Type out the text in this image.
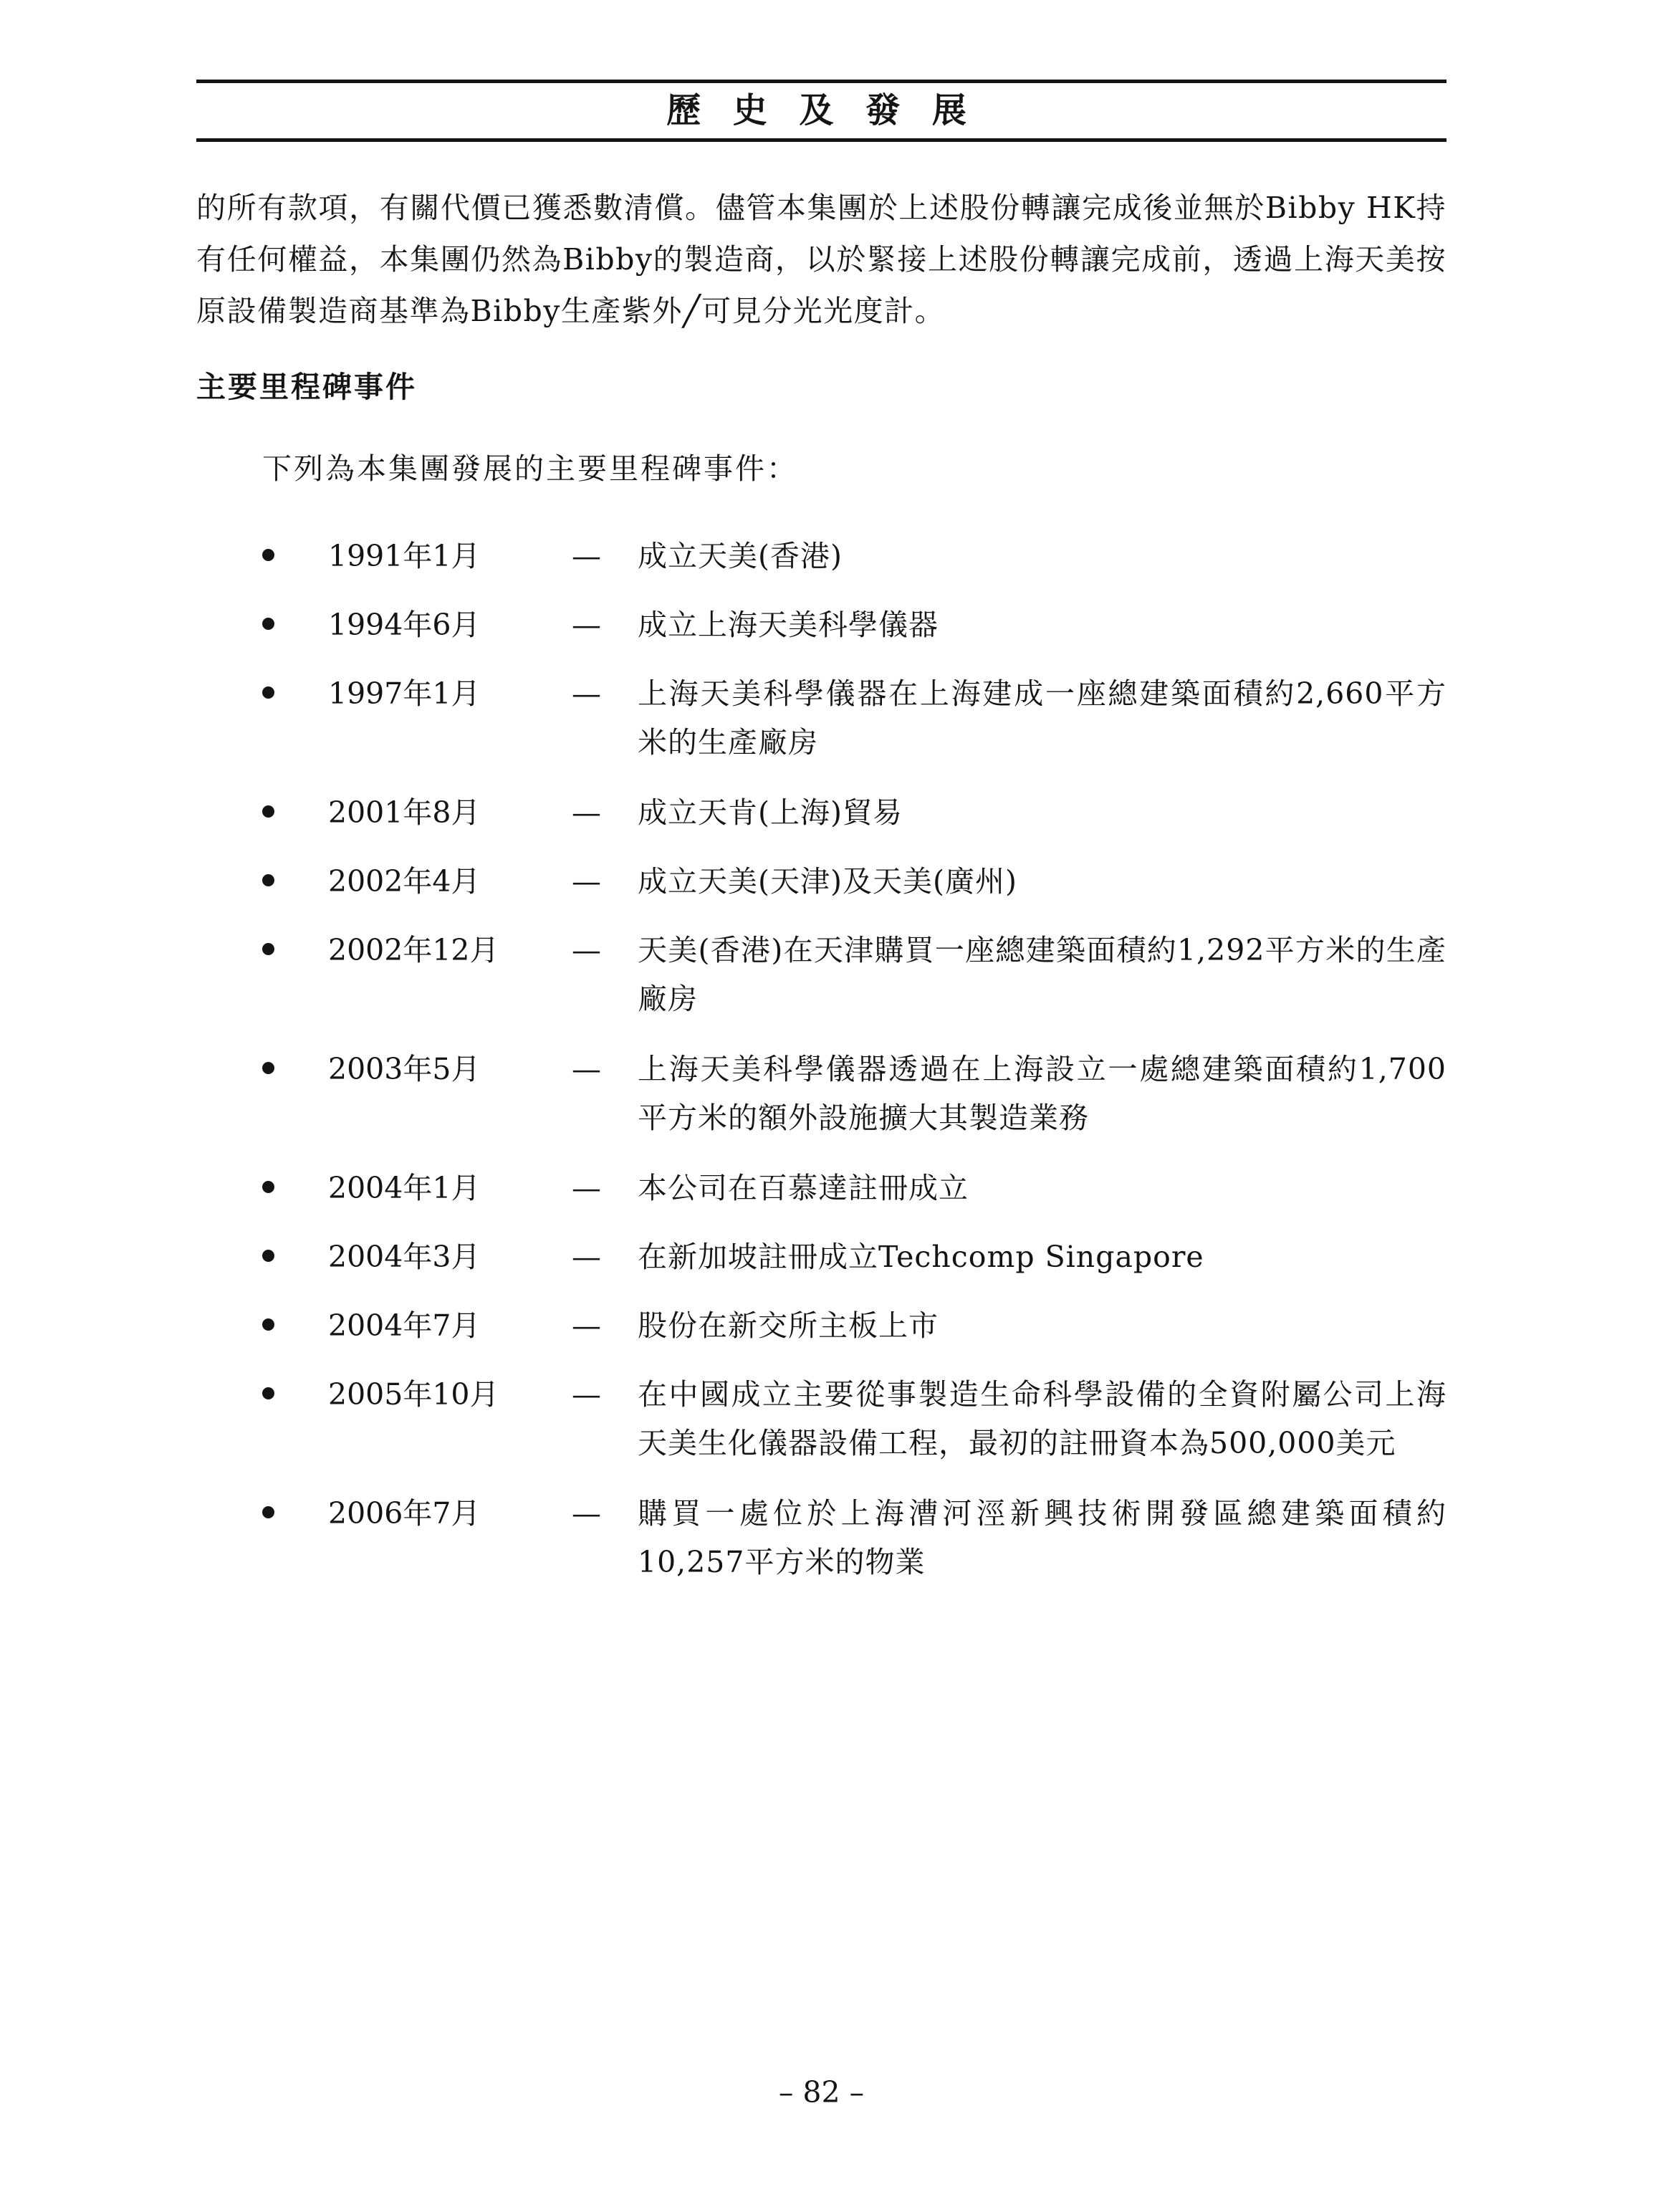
歷 史 及 發 展
的所有款項，有關代價已獲悉數清償。儘管本集團於上述股份轉讓完成後並無於Bibby HK持有任何權益，本集團仍然為Bibby的製造商，以於緊接上述股份轉讓完成前，透過上海天美按原設備製造商基準為Bibby生產紫外╱可見分光光度計。
主要里程碑事件
下列為本集團發展的主要里程碑事件：
1991年1月	— 成立天美(香港)
1994年6月	— 成立上海天美科學儀器
1997年1月	— 上海天美科學儀器在上海建成一座總建築面積約2,660平方米的生產廠房
2001年8月	— 成立天肯(上海)貿易
2002年4月	— 成立天美(天津)及天美(廣州)
2002年12月 — 天美(香港)在天津購買一座總建築面積約1,292平方米的生產廠房
2003年5月	— 上海天美科學儀器透過在上海設立一處總建築面積約1,700平方米的額外設施擴大其製造業務
2004年1月	— 本公司在百慕達註冊成立
2004年3月	— 在新加坡註冊成立Techcomp Singapore
2004年7月	— 股份在新交所主板上市
2005年10月 — 在中國成立主要從事製造生命科學設備的全資附屬公司上海天美生化儀器設備工程，最初的註冊資本為500,000美元
2006年7月	— 購買一處位於上海漕河涇新興技術開發區總建築面積約10,257平方米的物業
– 82 –
